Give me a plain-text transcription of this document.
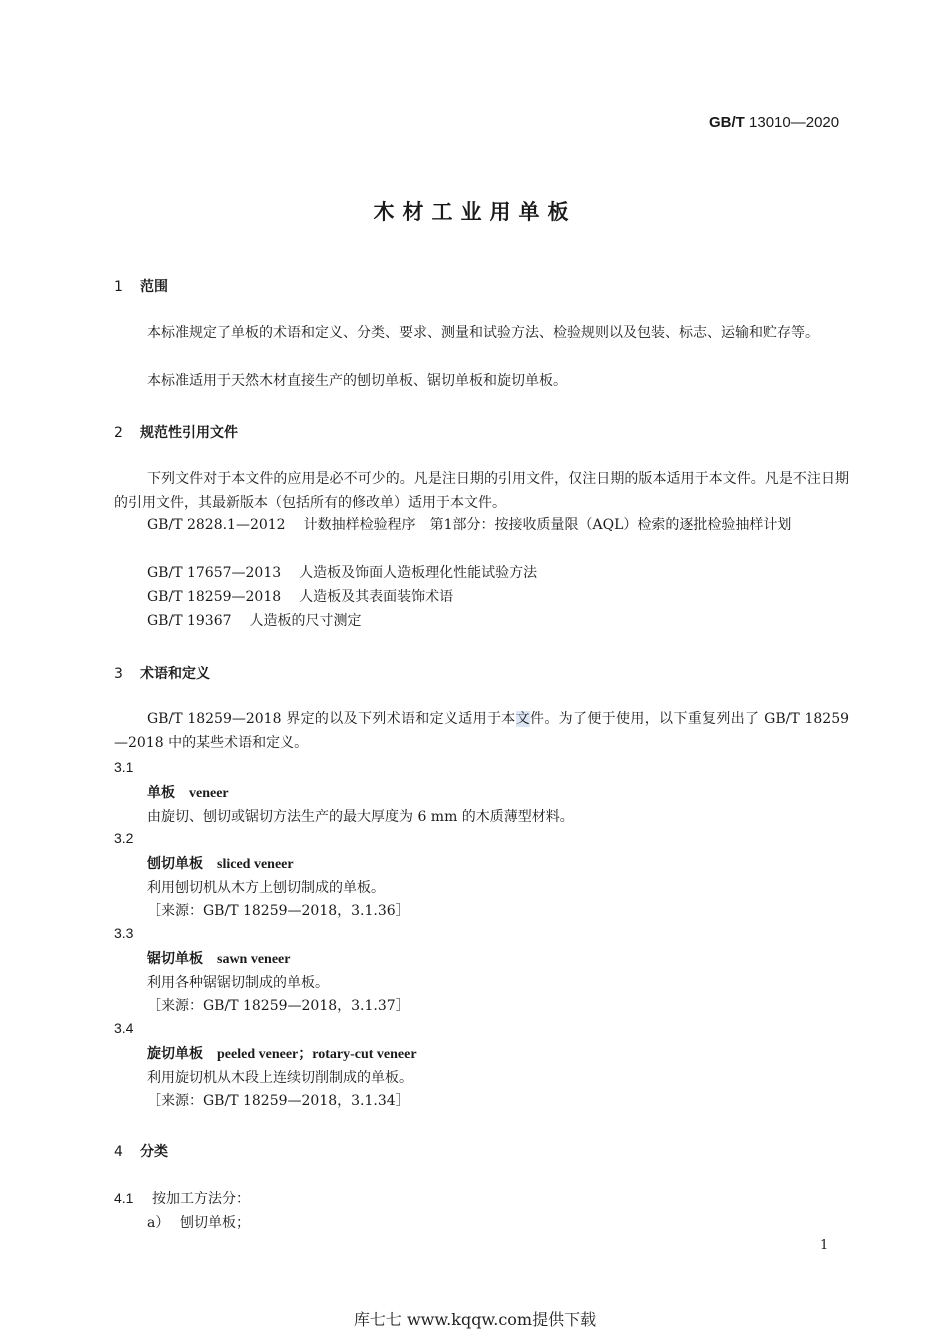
GB/T 13010—2020
木材工业用单板
1 范围
本标准规定了单板的术语和定义、分类、要求、测量和试验方法、检验规则以及包装、标志、运输和贮存等。
本标准适用于天然木材直接生产的刨切单板、锯切单板和旋切单板。
2 规范性引用文件
下列文件对于本文件的应用是必不可少的。凡是注日期的引用文件，仅注日期的版本适用于本文件。凡是不注日期的引用文件，其最新版本（包括所有的修改单）适用于本文件。
GB/T 2828.1—2012 计数抽样检验程序　第1部分：按接收质量限（AQL）检索的逐批检验抽样计划
GB/T 17657—2013 人造板及饰面人造板理化性能试验方法
GB/T 18259—2018 人造板及其表面装饰术语
GB/T 19367 人造板的尺寸测定
3 术语和定义
GB/T 18259—2018 界定的以及下列术语和定义适用于本文件。为了便于使用，以下重复列出了 GB/T 18259—2018 中的某些术语和定义。
3.1
单板 veneer
由旋切、刨切或锯切方法生产的最大厚度为 6 mm 的木质薄型材料。
3.2
刨切单板 sliced veneer
利用刨切机从木方上刨切制成的单板。
［来源：GB/T 18259—2018，3.1.36］
3.3
锯切单板 sawn veneer
利用各种锯锯切制成的单板。
［来源：GB/T 18259—2018，3.1.37］
3.4
旋切单板 peeled veneer；rotary-cut veneer
利用旋切机从木段上连续切削制成的单板。
［来源：GB/T 18259—2018，3.1.34］
4 分类
4.1 按加工方法分：
a） 刨切单板；
1
库七七 www.kqqw.com提供下载
